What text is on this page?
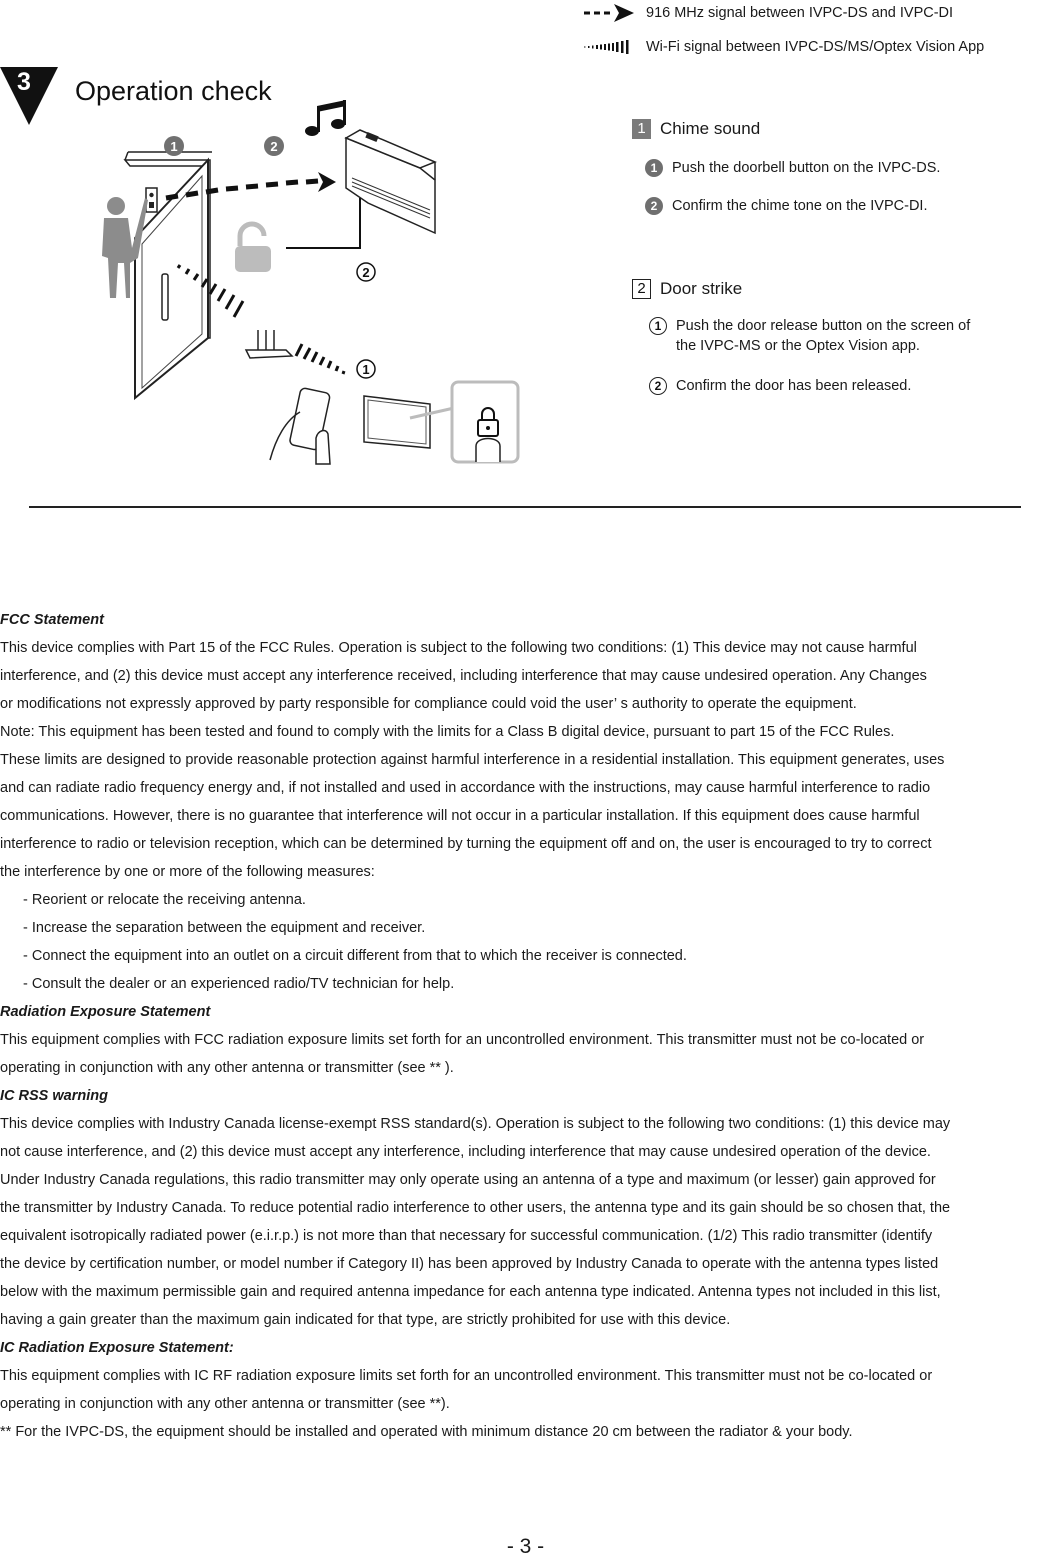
916 MHz signal between IVPC-DS and IVPC-DI
Wi-Fi signal between IVPC-DS/MS/Optex Vision App
3 Operation check
1	2
2
1
1 Chime sound
1	Push the doorbell button on the IVPC-DS.
2	Confirm the chime tone on the IVPC-DI.
2 Door strike
1	Push the door release button on the screen of
the IVPC-MS or the Optex Vision app.
2	Confirm the door has been released.

FCC Statement

This device complies with Part 15 of the FCC Rules. Operation is subject to the following two conditions: (1) This device may not cause harmful

interference, and (2) this device must accept any interference received, including interference that may cause undesired operation. Any Changes

or modifications not expressly approved by party responsible for compliance could void the user’ s authority to operate the equipment.

Note: This equipment has been tested and found to comply with the limits for a Class B digital device, pursuant to part 15 of the FCC Rules.

These limits are designed to provide reasonable protection against harmful interference in a residential installation. This equipment generates, uses

and can radiate radio frequency energy and, if not installed and used in accordance with the instructions, may cause harmful interference to radio

communications. However, there is no guarantee that interference will not occur in a particular installation. If this equipment does cause harmful

interference to radio or television reception, which can be determined by turning the equipment off and on, the user is encouraged to try to correct

the interference by one or more of the following measures:

- Reorient or relocate the receiving antenna.

- Increase the separation between the equipment and receiver.

- Connect the equipment into an outlet on a circuit different from that to which the receiver is connected.

- Consult the dealer or an experienced radio/TV technician for help.

Radiation Exposure Statement

This equipment complies with FCC radiation exposure limits set forth for an uncontrolled environment. This transmitter must not be co-located or

operating in conjunction with any other antenna or transmitter (see ** ).

IC RSS warning

This device complies with Industry Canada license-exempt RSS standard(s). Operation is subject to the following two conditions: (1) this device may

not cause interference, and (2) this device must accept any interference, including interference that may cause undesired operation of the device.

Under Industry Canada regulations, this radio transmitter may only operate using an antenna of a type and maximum (or lesser) gain approved for

the transmitter by Industry Canada. To reduce potential radio interference to other users, the antenna type and its gain should be so chosen that, the

equivalent isotropically radiated power (e.i.r.p.) is not more than that necessary for successful communication. (1/2) This radio transmitter (identify

the device by certification number, or model number if Category II) has been approved by Industry Canada to operate with the antenna types listed

below with the maximum permissible gain and required antenna impedance for each antenna type indicated. Antenna types not included in this list,

having a gain greater than the maximum gain indicated for that type, are strictly prohibited for use with this device.

IC Radiation Exposure Statement:

This equipment complies with IC RF radiation exposure limits set forth for an uncontrolled environment. This transmitter must not be co-located or

operating in conjunction with any other antenna or transmitter (see **).

** For the IVPC-DS, the equipment should be installed and operated with minimum distance 20 cm between the radiator & your body.

- 3 -
